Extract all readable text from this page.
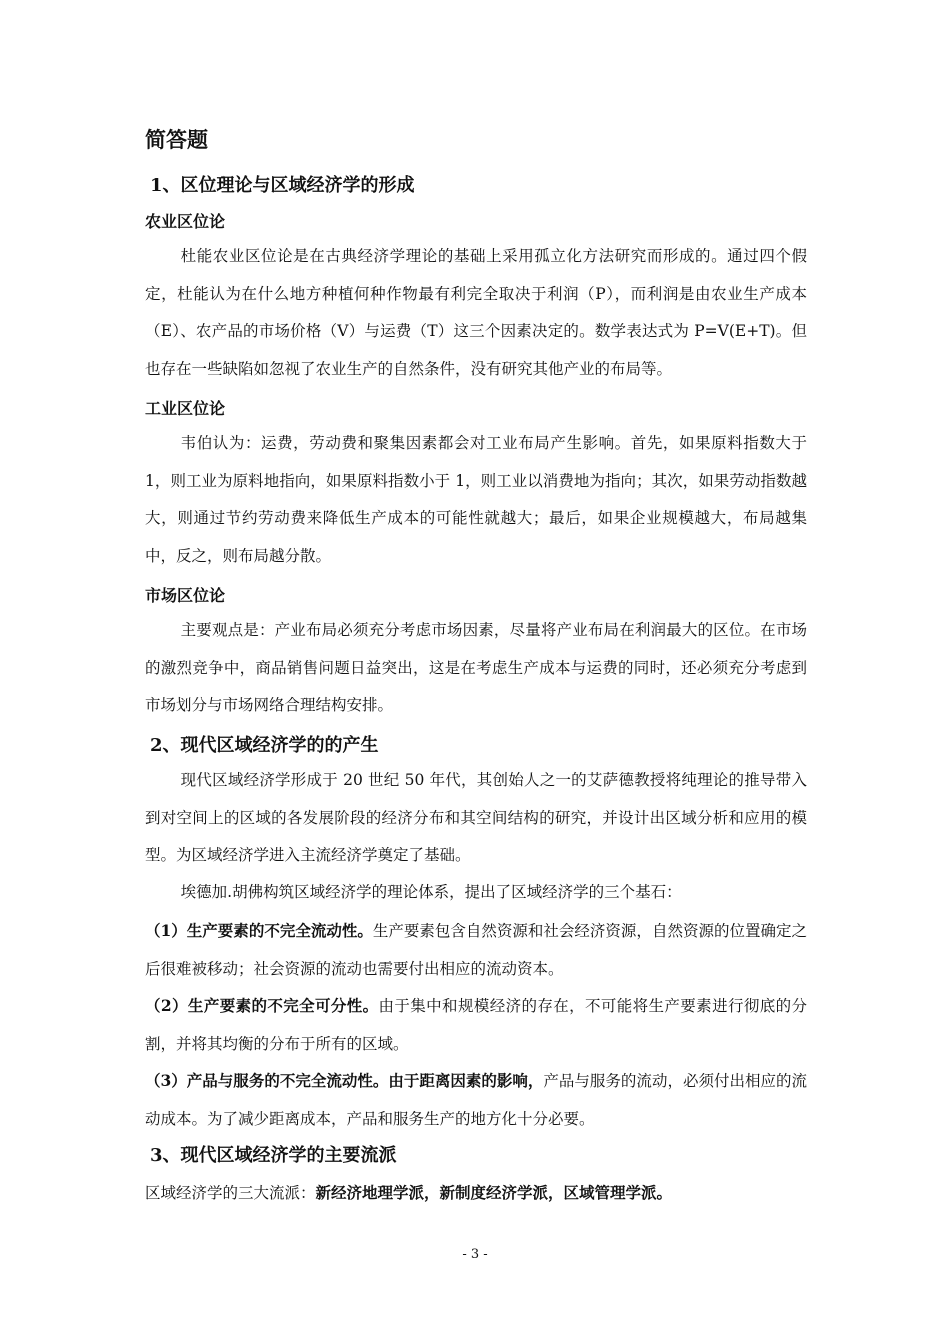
简答题
1、区位理论与区域经济学的形成
农业区位论

杜能农业区位论是在古典经济学理论的基础上采用孤立化方法研究而形成的。通过四个假定，杜能认为在什么地方种植何种作物最有利完全取决于利润（P），而利润是由农业生产成本（E）、农产品的市场价格（V）与运费（T）这三个因素决定的。数学表达式为 P=V(E+T)。但也存在一些缺陷如忽视了农业生产的自然条件，没有研究其他产业的布局等。

工业区位论

韦伯认为：运费，劳动费和聚集因素都会对工业布局产生影响。首先，如果原料指数大于 1，则工业为原料地指向，如果原料指数小于 1，则工业以消费地为指向；其次，如果劳动指数越大，则通过节约劳动费来降低生产成本的可能性就越大；最后，如果企业规模越大，布局越集中，反之，则布局越分散。

市场区位论

主要观点是：产业布局必须充分考虑市场因素，尽量将产业布局在利润最大的区位。在市场的激烈竞争中，商品销售问题日益突出，这是在考虑生产成本与运费的同时，还必须充分考虑到市场划分与市场网络合理结构安排。

2、现代区域经济学的的产生

现代区域经济学形成于 20 世纪 50 年代，其创始人之一的艾萨德教授将纯理论的推导带入到对空间上的区域的各发展阶段的经济分布和其空间结构的研究，并设计出区域分析和应用的模型。为区域经济学进入主流经济学奠定了基础。

埃德加.胡佛构筑区域经济学的理论体系，提出了区域经济学的三个基石：

（1）生产要素的不完全流动性。生产要素包含自然资源和社会经济资源，自然资源的位置确定之后很难被移动；社会资源的流动也需要付出相应的流动资本。

（2）生产要素的不完全可分性。由于集中和规模经济的存在，不可能将生产要素进行彻底的分割，并将其均衡的分布于所有的区域。

（3）产品与服务的不完全流动性。由于距离因素的影响，产品与服务的流动，必须付出相应的流动成本。为了减少距离成本，产品和服务生产的地方化十分必要。

3、现代区域经济学的主要流派

区域经济学的三大流派：新经济地理学派，新制度经济学派，区域管理学派。

- 3 -
